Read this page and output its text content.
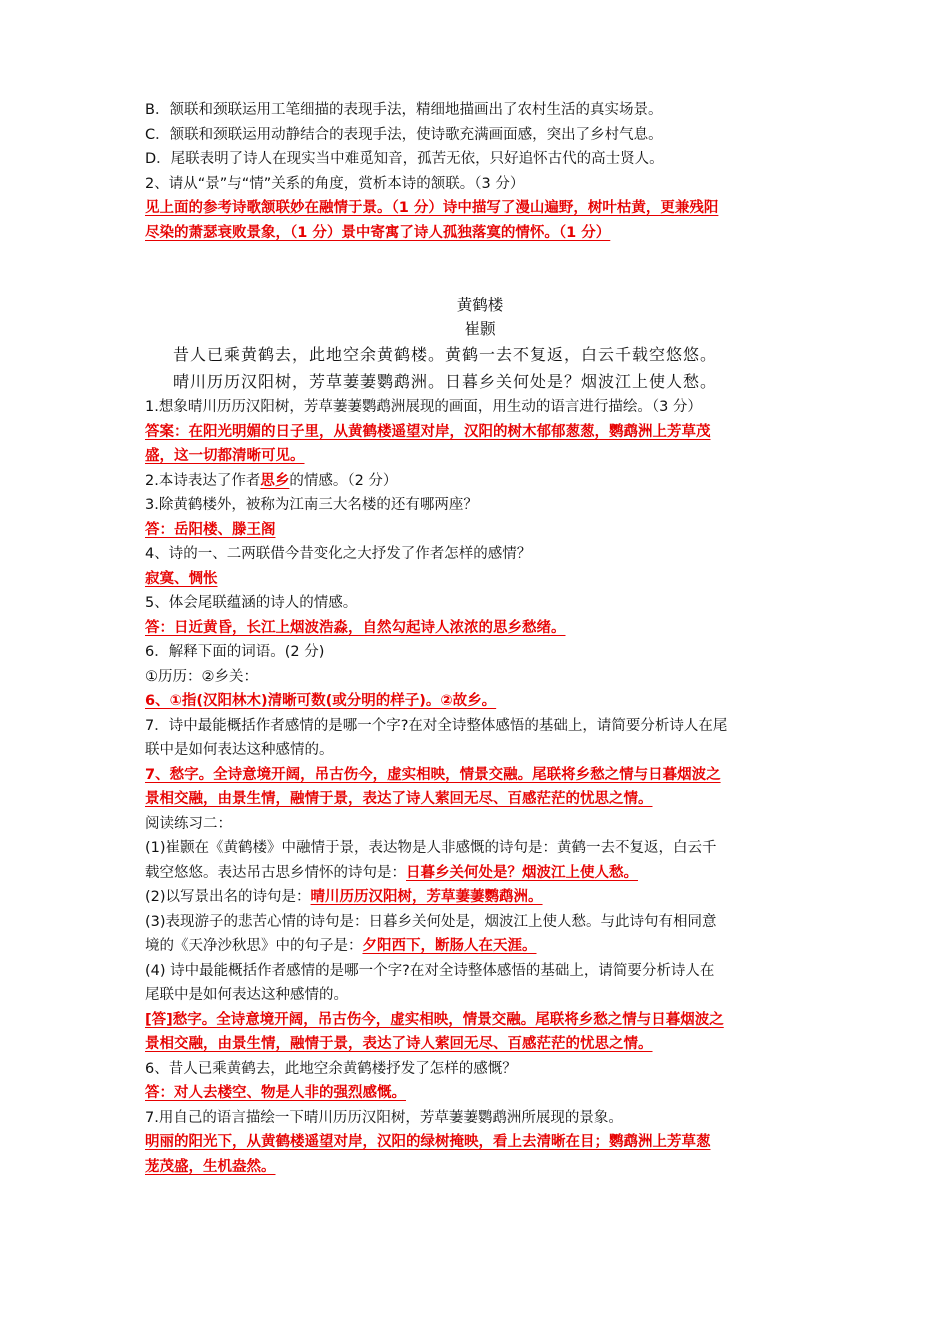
B．颔联和颈联运用工笔细描的表现手法，精细地描画出了农村生活的真实场景。
C．颔联和颈联运用动静结合的表现手法，使诗歌充满画面感，突出了乡村气息。
D．尾联表明了诗人在现实当中难觅知音，孤苦无依，只好追怀古代的高士贤人。
2、请从“景”与“情”关系的角度，赏析本诗的颔联。（3 分）
见上面的参考诗歌颔联妙在融情于景。（1 分）诗中描写了漫山遍野，树叶枯黄，更兼残阳
尽染的萧瑟衰败景象，（1 分）景中寄寓了诗人孤独落寞的情怀。（1 分）
黄鹤楼
崔颢
昔人已乘黄鹤去，此地空余黄鹤楼。黄鹤一去不复返，白云千载空悠悠。
晴川历历汉阳树，芳草萋萋鹦鹉洲。日暮乡关何处是？烟波江上使人愁。
1.想象晴川历历汉阳树，芳草萋萋鹦鹉洲展现的画面，用生动的语言进行描绘。（3 分）
答案：在阳光明媚的日子里，从黄鹤楼遥望对岸，汉阳的树木郁郁葱葱，鹦鹉洲上芳草茂
盛，这一切都清晰可见。
2.本诗表达了作者思乡的情感。（2 分）
3.除黄鹤楼外，被称为江南三大名楼的还有哪两座？
答：岳阳楼、滕王阁
4、诗的一、二两联借今昔变化之大抒发了作者怎样的感情？
寂寞、惆怅
5、体会尾联蕴涵的诗人的情感。
答：日近黄昏，长江上烟波浩淼，自然勾起诗人浓浓的思乡愁绪。
6．解释下面的词语。(2 分)
①历历：②乡关：
6、①指(汉阳林木)清晰可数(或分明的样子)。②故乡。
7．诗中最能概括作者感情的是哪一个字?在对全诗整体感悟的基础上，请简要分析诗人在尾
联中是如何表达这种感情的。
7、愁字。全诗意境开阔，吊古伤今，虚实相映，情景交融。尾联将乡愁之情与日暮烟波之
景相交融，由景生情，融情于景，表达了诗人萦回无尽、百感茫茫的忧思之情。
阅读练习二：
(1)崔颢在《黄鹤楼》中融情于景，表达物是人非感慨的诗句是：黄鹤一去不复返，白云千
载空悠悠。表达吊古思乡情怀的诗句是：日暮乡关何处是？烟波江上使人愁。
(2)以写景出名的诗句是：晴川历历汉阳树，芳草萋萋鹦鹉洲。
(3)表现游子的悲苦心情的诗句是：日暮乡关何处是，烟波江上使人愁。与此诗句有相同意
境的《天净沙秋思》中的句子是：夕阳西下，断肠人在天涯。
(4) 诗中最能概括作者感情的是哪一个字?在对全诗整体感悟的基础上，请简要分析诗人在
尾联中是如何表达这种感情的。
[答]愁字。全诗意境开阔，吊古伤今，虚实相映，情景交融。尾联将乡愁之情与日暮烟波之
景相交融，由景生情，融情于景，表达了诗人萦回无尽、百感茫茫的忧思之情。
6、昔人已乘黄鹤去，此地空余黄鹤楼抒发了怎样的感慨？
答：对人去楼空、物是人非的强烈感慨。
7.用自己的语言描绘一下晴川历历汉阳树，芳草萋萋鹦鹉洲所展现的景象。
明丽的阳光下，从黄鹤楼遥望对岸，汉阳的绿树掩映，看上去清晰在目；鹦鹉洲上芳草葱
茏茂盛，生机盎然。
